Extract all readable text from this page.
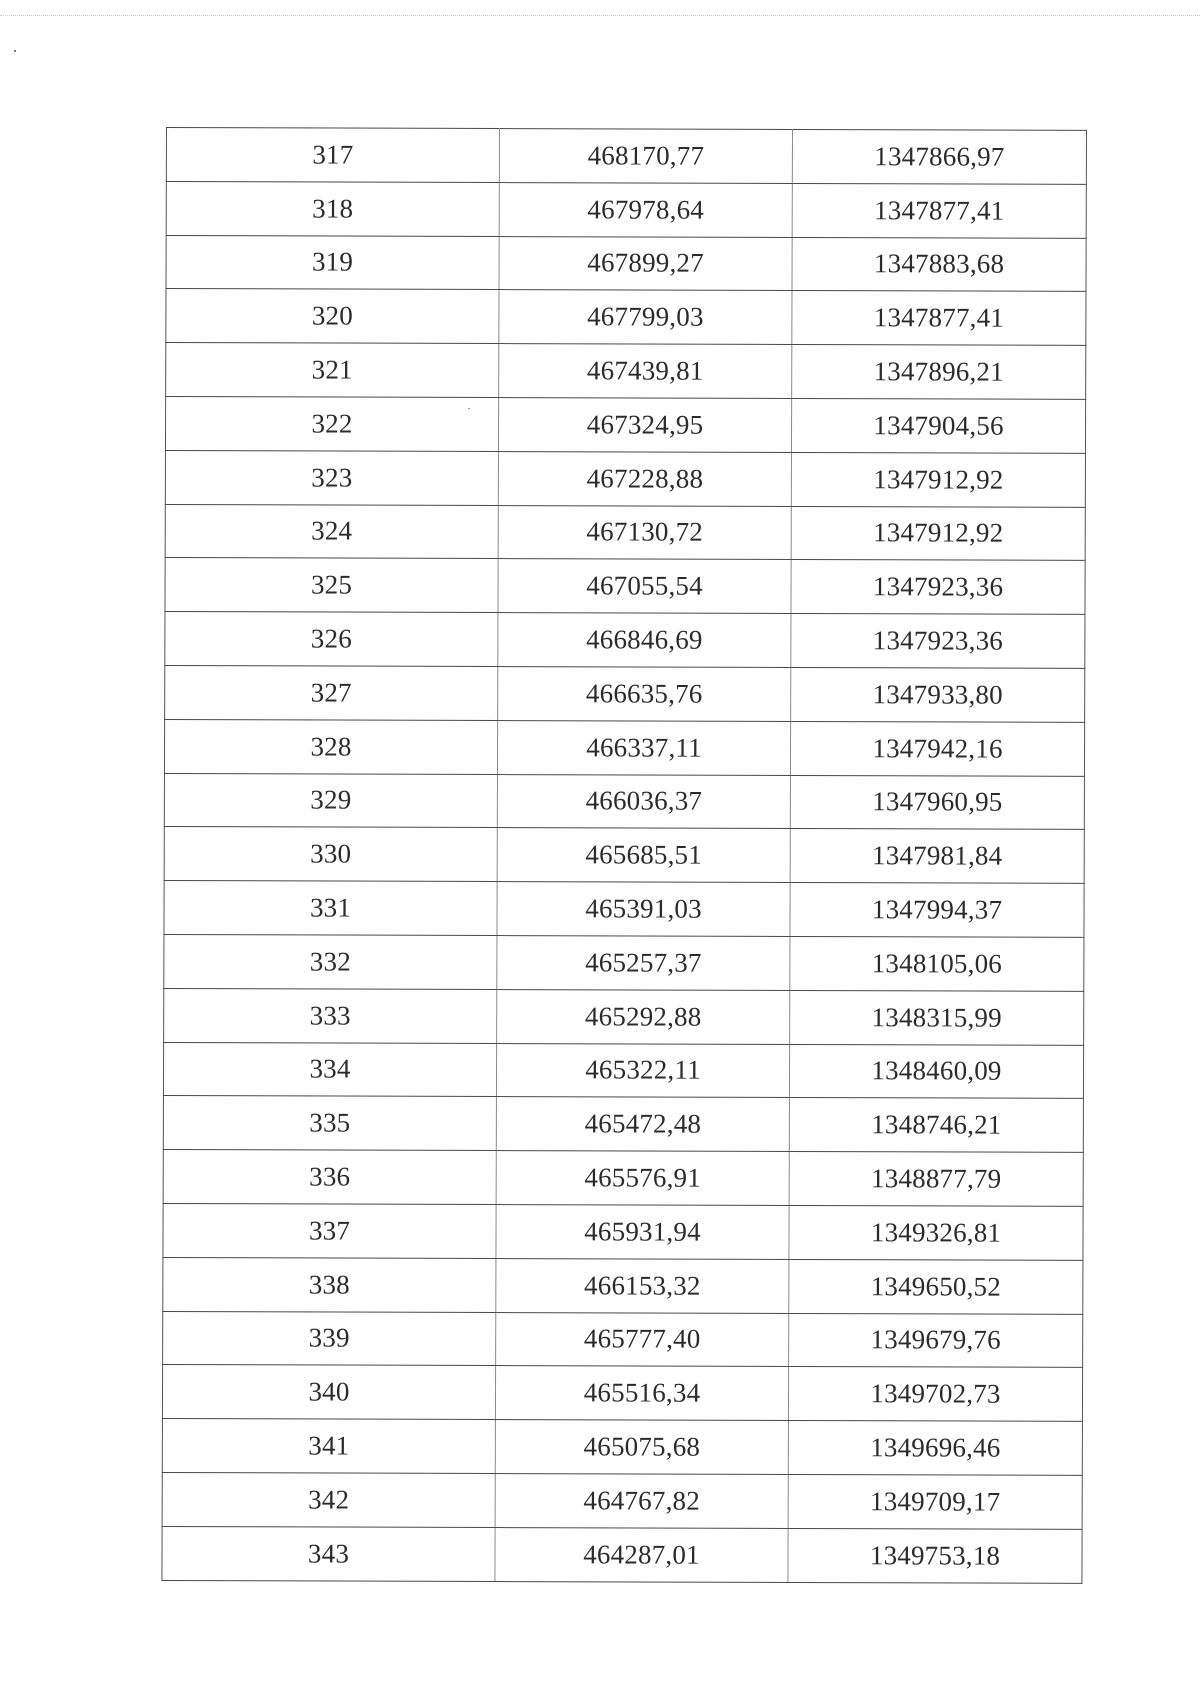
317	468170,77	1347866,97
318	467978,64	1347877,41
319	467899,27	1347883,68
320	467799,03	1347877,41
321	467439,81	1347896,21
322	467324,95	1347904,56
323	467228,88	1347912,92
324	467130,72	1347912,92
325	467055,54	1347923,36
326	466846,69	1347923,36
327	466635,76	1347933,80
328	466337,11	1347942,16
329	466036,37	1347960,95
330	465685,51	1347981,84
331	465391,03	1347994,37
332	465257,37	1348105,06
333	465292,88	1348315,99
334	465322,11	1348460,09
335	465472,48	1348746,21
336	465576,91	1348877,79
337	465931,94	1349326,81
338	466153,32	1349650,52
339	465777,40	1349679,76
340	465516,34	1349702,73
341	465075,68	1349696,46
342	464767,82	1349709,17
343	464287,01	1349753,18
